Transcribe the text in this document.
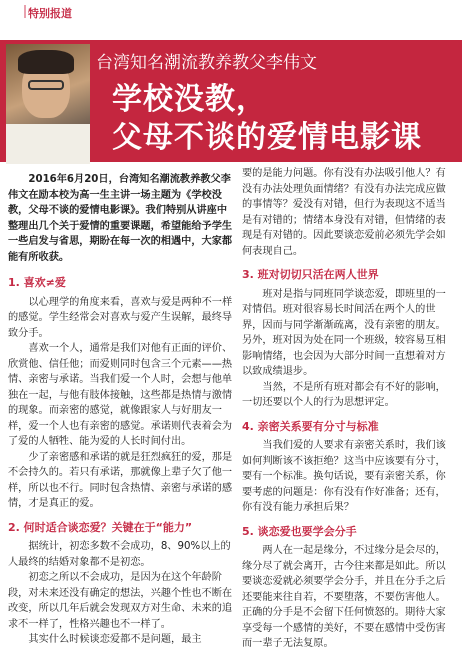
特别报道
台湾知名潮流教养教父李伟文
学校没教，
父母不谈的爱情电影课

2016年6月20日，台湾知名潮流教养教父李伟文在励本校为高一生主讲一场主题为《学校没教，父母不谈的爱情电影课》。我们特别从讲座中整理出几个关于爱情的重要课题，希望能给予学生一些启发与省思，期盼在每一次的相遇中，大家都能有所收获。

1. 喜欢≠爱

以心理学的角度来看，喜欢与爱是两种不一样的感觉。学生经常会对喜欢与爱产生误解，最终导致分手。

喜欢一个人，通常是我们对他有正面的评价、欣赏他、信任他；而爱则同时包含三个元素——热情、亲密与承诺。当我们爱一个人时，会想与他单独在一起，与他有肢体接触，这些都是热情与激情的现象。而亲密的感觉，就像跟家人与好朋友一样，爱一个人也有亲密的感觉。承诺则代表着会为了爱的人牺牲、能为爱的人长时间付出。

少了亲密感和承诺的就是狂烈疯狂的爱，那是不会持久的。若只有承诺，那就像上辈子欠了他一样，所以也不行。同时包含热情、亲密与承诺的感情，才是真正的爱。

2. 何时适合谈恋爱？关键在于“能力”

据统计，初恋多数不会成功，8、90%以上的人最终的结婚对象都不是初恋。

初恋之所以不会成功，是因为在这个年龄阶段，对未来还没有确定的想法，兴趣个性也不断在改变，所以几年后就会发现双方对生命、未来的追求不一样了，性格兴趣也不一样了。

其实什么时候谈恋爱都不是问题，最主

要的是能力问题。你有没有办法吸引他人？有没有办法处理负面情绪？有没有办法完成应做的事情等？爱没有对错，但行为表现这不适当是有对错的；情绪本身没有对错，但情绪的表现是有对错的。因此要谈恋爱前必须先学会如何表现自己。

3. 班对切切只活在两人世界

班对是指与同班同学谈恋爱，即班里的一对情侣。班对很容易长时间活在两个人的世界，因而与同学渐渐疏离，没有亲密的朋友。另外，班对因为处在同一个班级，较容易互相影响情绪，也会因为大部分时间一直想着对方以致成绩退步。

当然，不是所有班对都会有不好的影响，一切还要以个人的行为思想评定。

4. 亲密关系要有分寸与标准

当我们爱的人要求有亲密关系时，我们该如何判断该不该拒绝？这当中应该要有分寸，要有一个标准。换句话说，要有亲密关系，你要考虑的问题是：你有没有作好准备；还有，你有没有能力承担后果？

5. 谈恋爱也要学会分手

两人在一起是缘分，不过缘分是会尽的，缘分尽了就会离开，古今往来都是如此。所以要谈恋爱就必须要学会分手，并且在分手之后还要能来往自若，不要堕落，不要伤害他人。正确的分手是不会留下任何愤怒的。期待大家享受每一个感情的美好，不要在感情中受伤害而一辈子无法复原。
